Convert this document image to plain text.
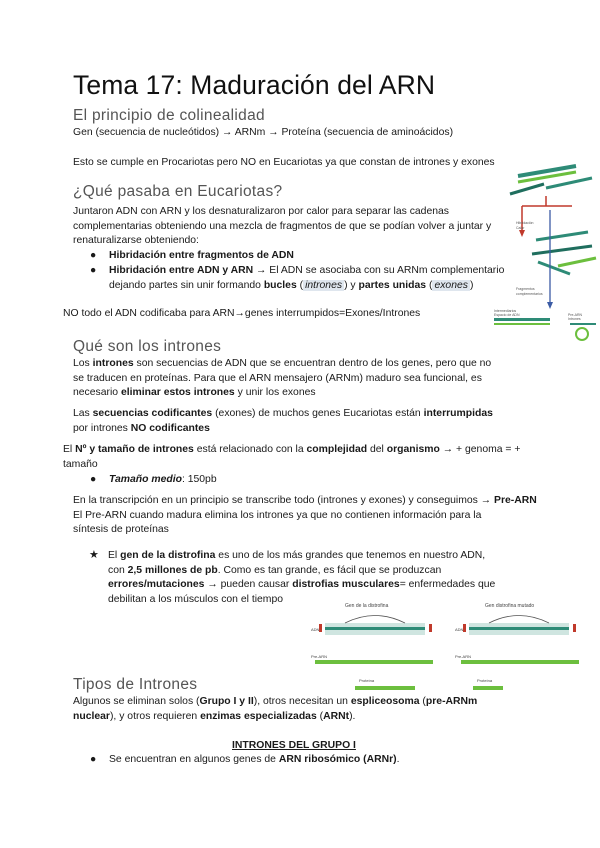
Tema 17: Maduración del ARN
El principio de colinealidad
Gen (secuencia de nucleótidos) → ARNm → Proteína (secuencia de aminoácidos)
Esto se cumple en Procariotas pero NO en Eucariotas ya que constan de intrones y exones
¿Qué pasaba en Eucariotas?
Juntaron ADN con ARN y los desnaturalizaron por calor para separar las cadenas
complementarias obteniendo una mezcla de fragmentos de que se podían volver a juntar y
renaturalizarse obteniendo:
● Hibridación entre fragmentos de ADN
● Hibridación entre ADN y ARN → El ADN se asociaba con su ARNm complementario
dejando partes sin unir formando bucles ( intrones ) y partes unidas ( exones )
NO todo el ADN codificaba para ARN→genes interrumpidos=Exones/Intrones
Hibridación
Calor
Fragmentos
complementarios
Intermediarios
Espacio de ADN	Pre-ARN
Intrones
Qué son los intrones
Los intrones son secuencias de ADN que se encuentran dentro de los genes, pero que no
se traducen en proteínas. Para que el ARN mensajero (ARNm) maduro sea funcional, es
necesario eliminar estos intrones y unir los exones
Las secuencias codificantes (exones) de muchos genes Eucariotas están interrumpidas
por intrones NO codificantes
El Nº y tamaño de intrones está relacionado con la complejidad del organismo → + genoma = +
tamaño
● Tamaño medio: 150pb
En la transcripción en un principio se transcribe todo (intrones y exones) y conseguimos → Pre-ARN
El Pre-ARN cuando madura elimina los intrones ya que no contienen información para la
síntesis de proteínas
★ El gen de la distrofina es uno de los más grandes que tenemos en nuestro ADN,
con 2,5 millones de pb. Como es tan grande, es fácil que se produzcan
errores/mutaciones → pueden causar distrofias musculares= enfermedades que
debilitan a los músculos con el tiempo
Gen de la distrofina
ADN
Pre-ARN
Proteína
Gen distrofina mutado
ADN
Pre-ARN
Proteína
Tipos de Intrones
Algunos se eliminan solos (Grupo I y II), otros necesitan un espliceosoma (pre-ARNm
nuclear), y otros requieren enzimas especializadas (ARNt).
INTRONES DEL GRUPO I
● Se encuentran en algunos genes de ARN ribosómico (ARNr).
